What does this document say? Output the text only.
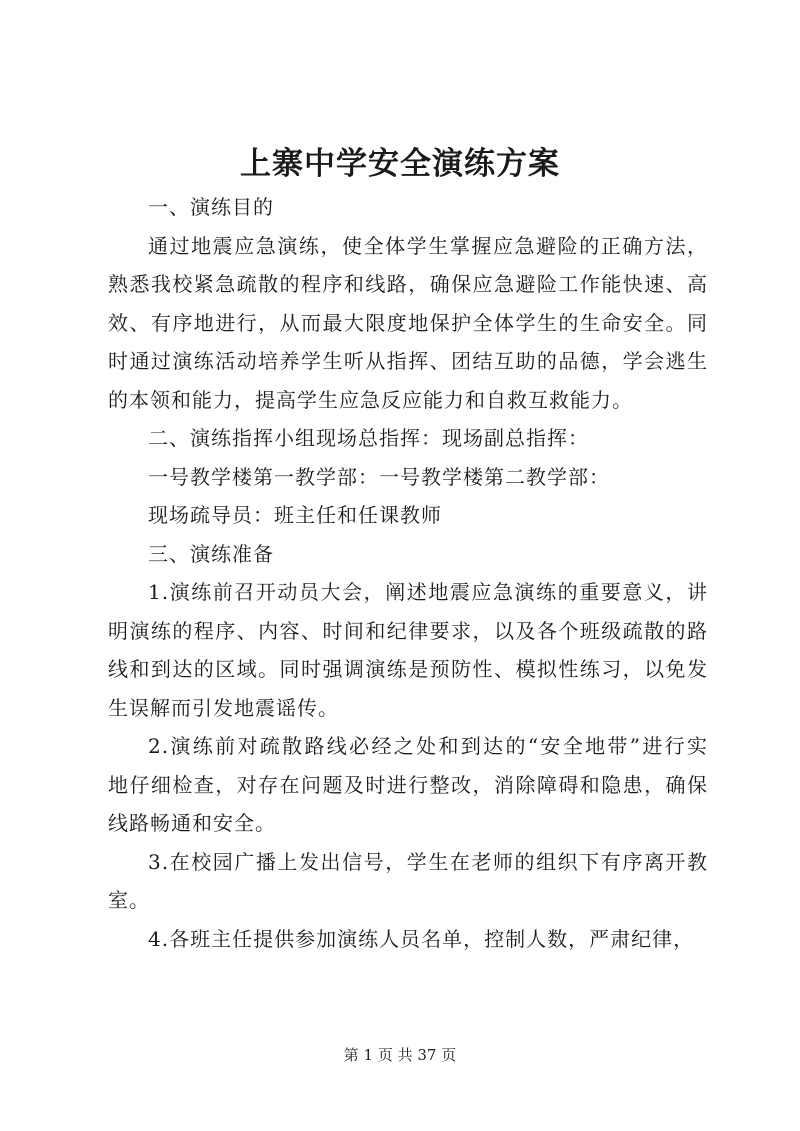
上寨中学安全演练方案
一、演练目的
通过地震应急演练，使全体学生掌握应急避险的正确方法，
熟悉我校紧急疏散的程序和线路，确保应急避险工作能快速、高
效、有序地进行，从而最大限度地保护全体学生的生命安全。同
时通过演练活动培养学生听从指挥、团结互助的品德，学会逃生
的本领和能力，提高学生应急反应能力和自救互救能力。
二、演练指挥小组现场总指挥：现场副总指挥：
一号教学楼第一教学部：一号教学楼第二教学部：
现场疏导员：班主任和任课教师
三、演练准备
1.演练前召开动员大会，阐述地震应急演练的重要意义，讲
明演练的程序、内容、时间和纪律要求，以及各个班级疏散的路
线和到达的区域。同时强调演练是预防性、模拟性练习，以免发
生误解而引发地震谣传。
2.演练前对疏散路线必经之处和到达的“安全地带”进行实
地仔细检查，对存在问题及时进行整改，消除障碍和隐患，确保
线路畅通和安全。
3.在校园广播上发出信号，学生在老师的组织下有序离开教
室。
4.各班主任提供参加演练人员名单，控制人数，严肃纪律，
第 1 页 共 37 页
